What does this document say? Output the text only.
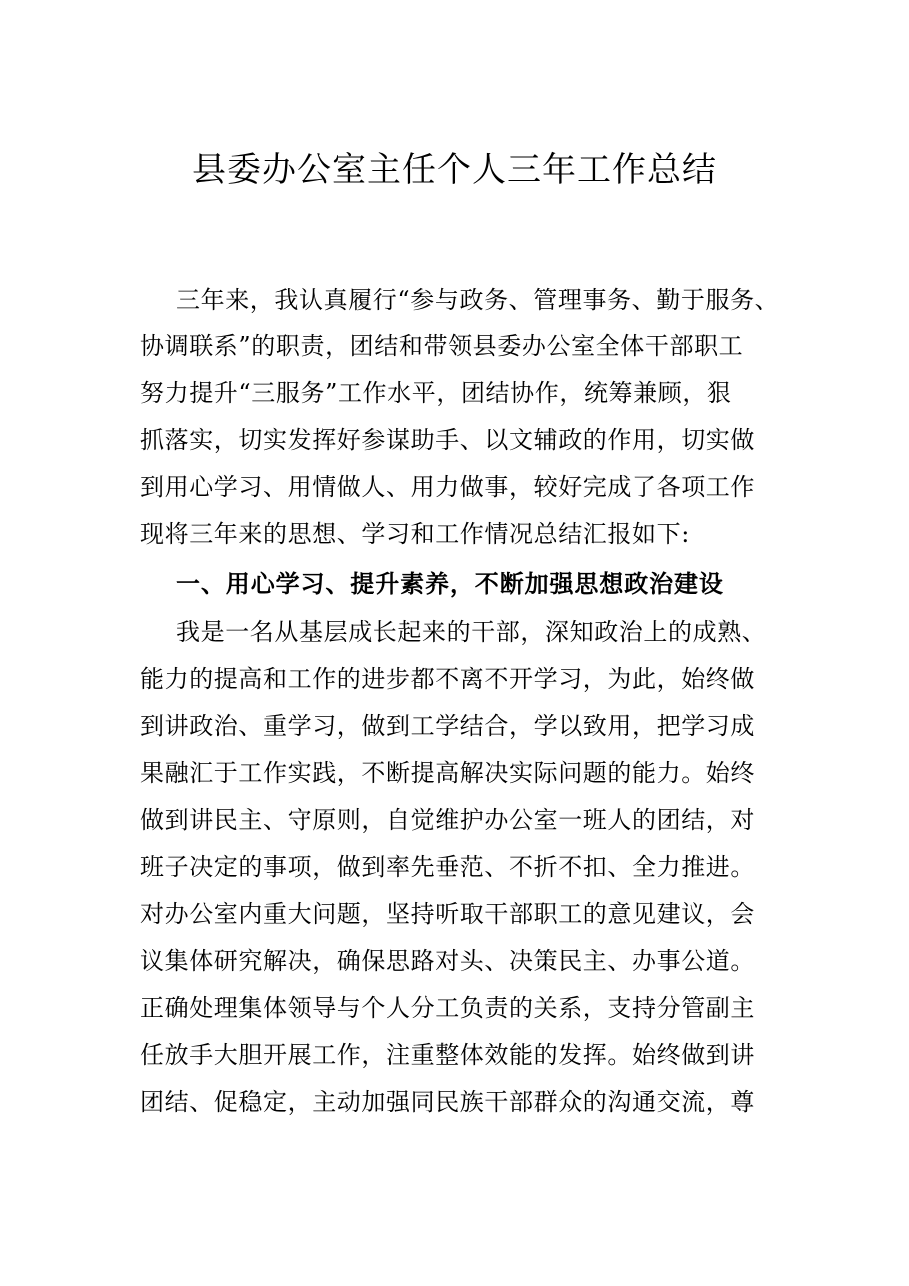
县委办公室主任个人三年工作总结
三年来，我认真履行“参与政务、管理事务、勤于服务、
协调联系”的职责，团结和带领县委办公室全体干部职工
努力提升“三服务”工作水平，团结协作，统筹兼顾，狠
抓落实，切实发挥好参谋助手、以文辅政的作用，切实做
到用心学习、用情做人、用力做事，较好完成了各项工作
现将三年来的思想、学习和工作情况总结汇报如下:
一、用心学习、提升素养，不断加强思想政治建设
我是一名从基层成长起来的干部，深知政治上的成熟、
能力的提高和工作的进步都不离不开学习，为此，始终做
到讲政治、重学习，做到工学结合，学以致用，把学习成
果融汇于工作实践，不断提高解决实际问题的能力。始终
做到讲民主、守原则，自觉维护办公室一班人的团结，对
班子决定的事项，做到率先垂范、不折不扣、全力推进。
对办公室内重大问题，坚持听取干部职工的意见建议，会
议集体研究解决，确保思路对头、决策民主、办事公道。
正确处理集体领导与个人分工负责的关系，支持分管副主
任放手大胆开展工作，注重整体效能的发挥。始终做到讲
团结、促稳定，主动加强同民族干部群众的沟通交流，尊
